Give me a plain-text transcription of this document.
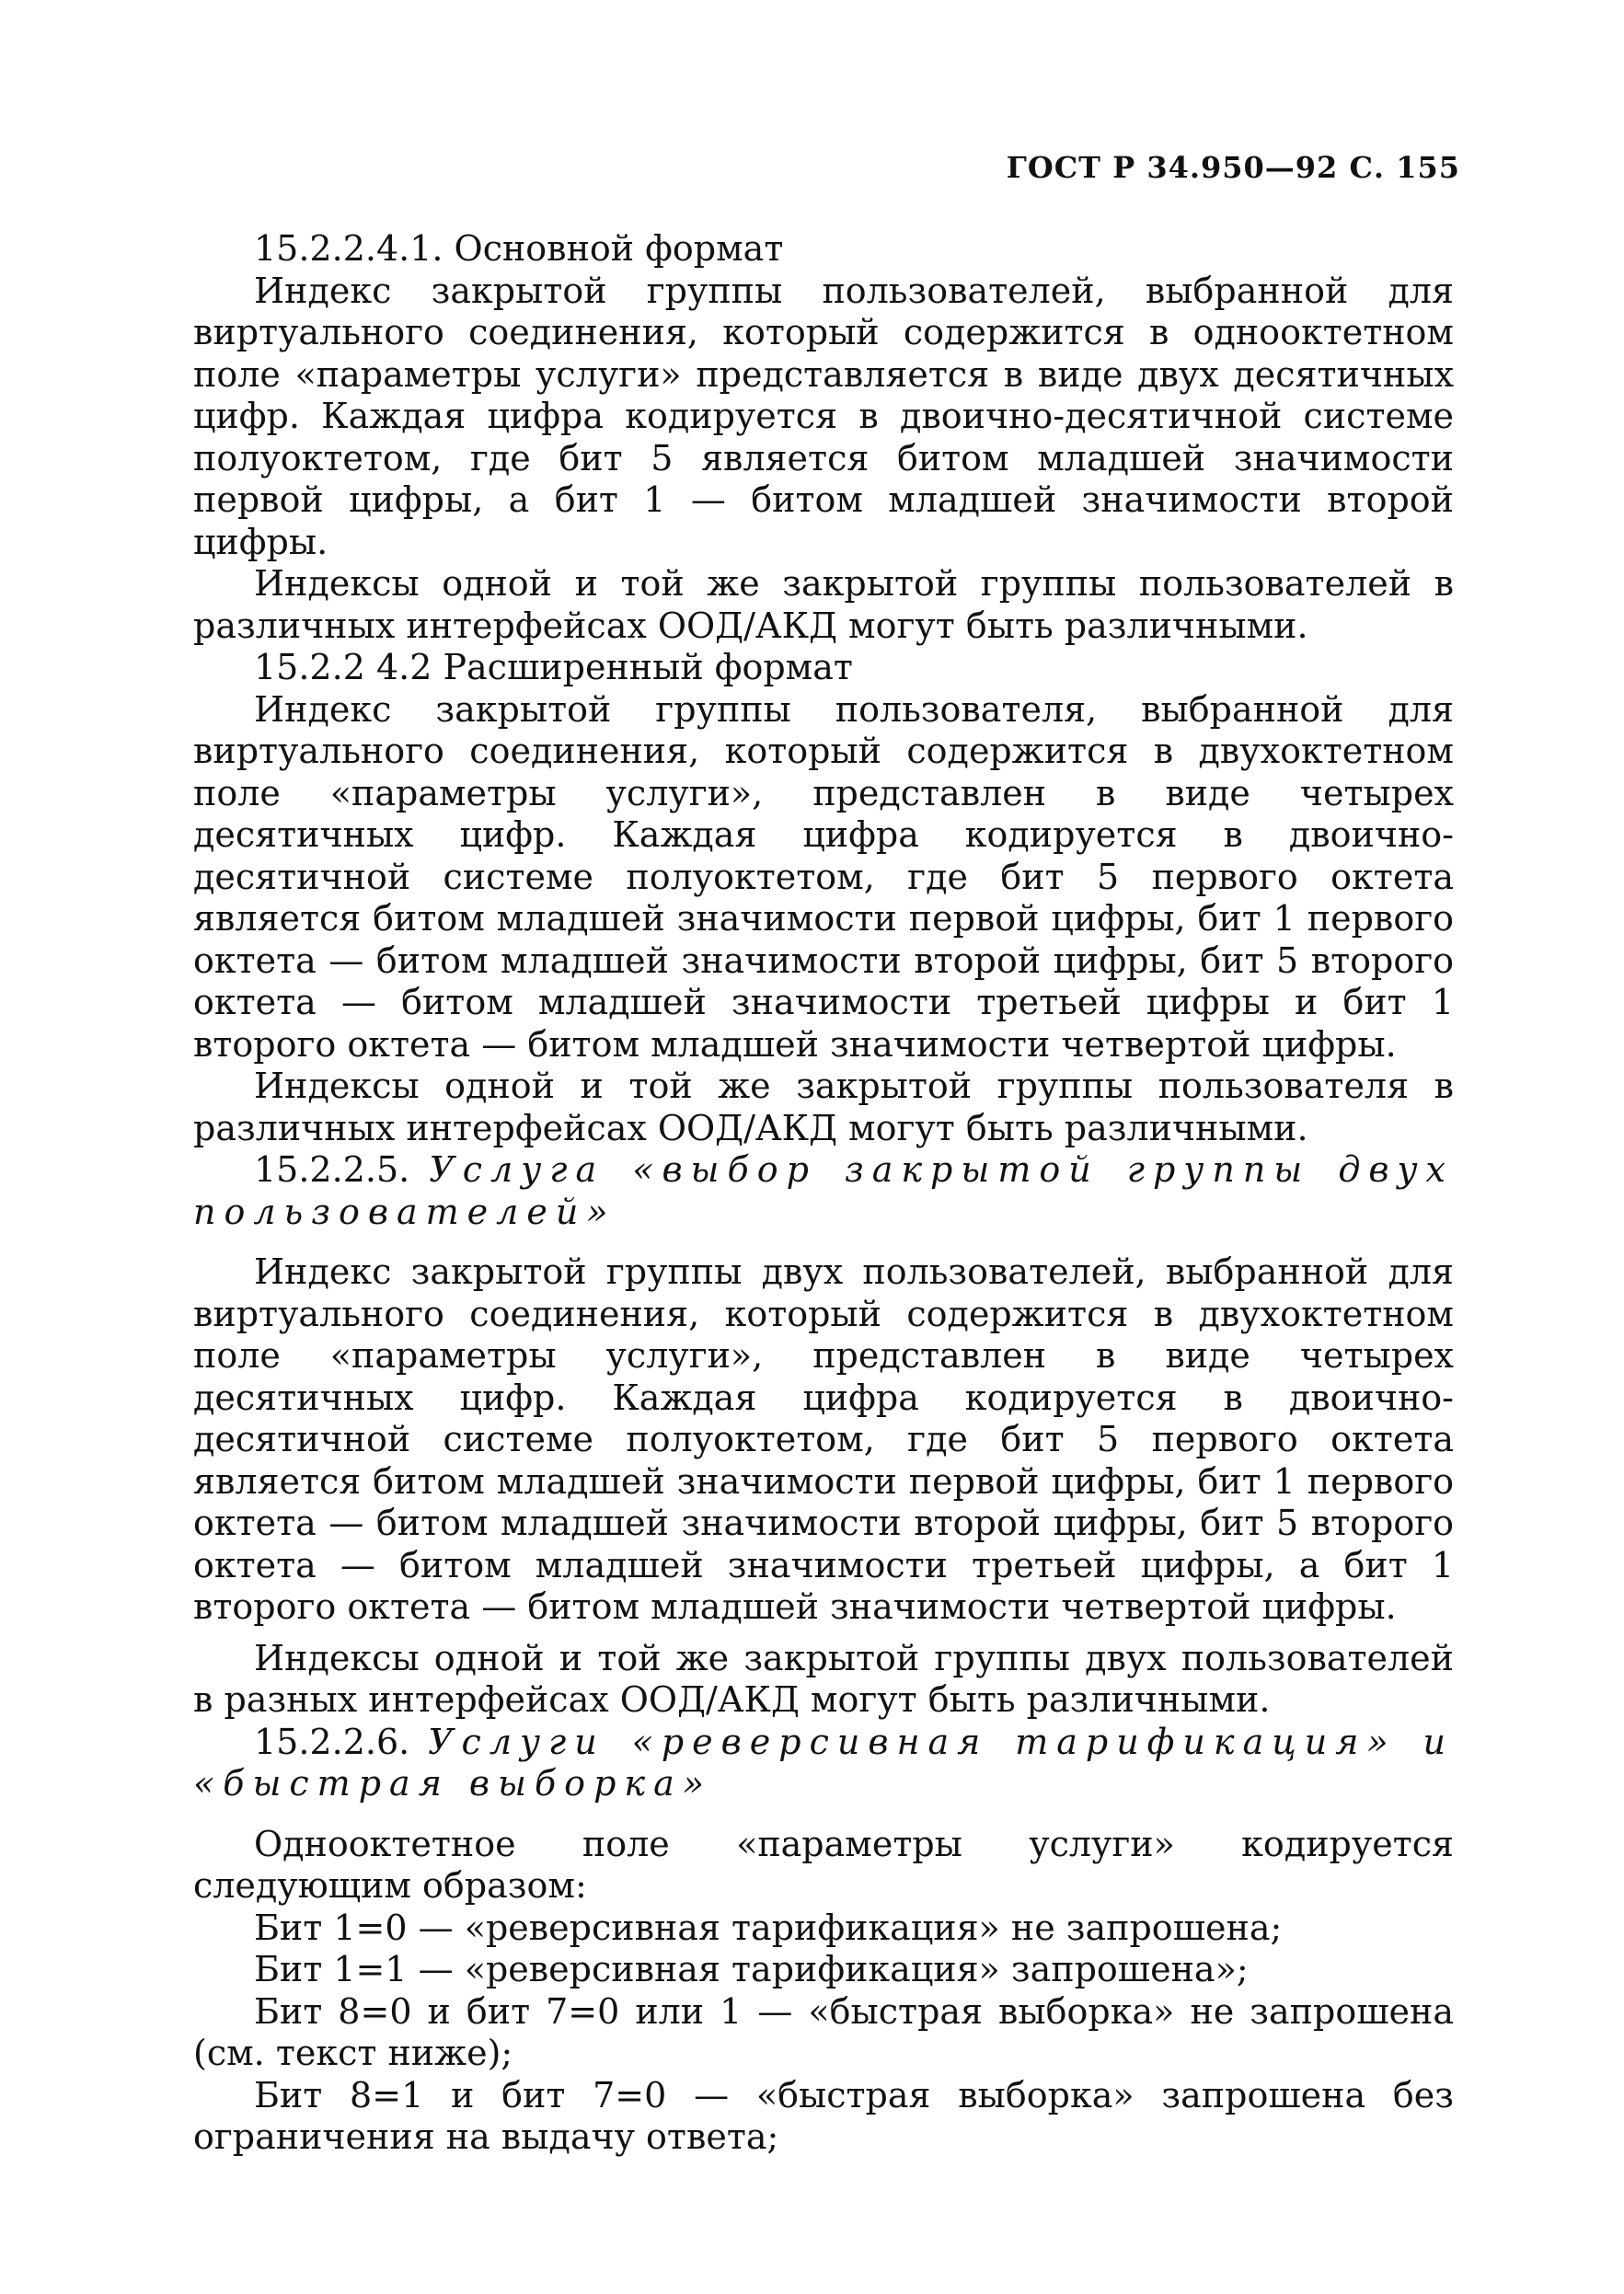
ГОСТ Р 34.950—92 С. 155

15.2.2.4.1. Основной формат

Индекс закрытой группы пользователей, выбранной для виртуального соединения, который содержится в однооктетном поле «параметры услуги» представляется в виде двух десятичных цифр. Каждая цифра кодируется в двоично-десятичной системе полуоктетом, где бит 5 является битом младшей значимости первой цифры, а бит 1 — битом младшей значимости второй цифры.

Индексы одной и той же закрытой группы пользователей в различных интерфейсах ООД/АКД могут быть различными.

15.2.2 4.2 Расширенный формат

Индекс закрытой группы пользователя, выбранной для виртуального соединения, который содержится в двухоктетном поле «параметры услуги», представлен в виде четырех десятичных цифр. Каждая цифра кодируется в двоично-десятичной системе полуоктетом, где бит 5 первого октета является битом младшей значимости первой цифры, бит 1 первого октета — битом младшей значимости второй цифры, бит 5 второго октета — битом младшей значимости третьей цифры и бит 1 второго октета — битом младшей значимости четвертой цифры.

Индексы одной и той же закрытой группы пользователя в различных интерфейсах ООД/АКД могут быть различными.

15.2.2.5. Услуга «выбор закрытой группы двух

пользователей»

Индекс закрытой группы двух пользователей, выбранной для виртуального соединения, который содержится в двухоктетном поле «параметры услуги», представлен в виде четырех десятичных цифр. Каждая цифра кодируется в двоично-десятичной системе полуоктетом, где бит 5 первого октета является битом младшей значимости первой цифры, бит 1 первого октета — битом младшей значимости второй цифры, бит 5 второго октета — битом младшей значимости третьей цифры, а бит 1 второго октета — битом младшей значимости четвертой цифры.

Индексы одной и той же закрытой группы двух пользователей в разных интерфейсах ООД/АКД могут быть различными.

15.2.2.6. Услуги «реверсивная тарификация» и

«быстрая выборка»

Однооктетное поле «параметры услуги» кодируется следующим образом:

Бит 1=0 — «реверсивная тарификация» не запрошена;

Бит 1=1 — «реверсивная тарификация» запрошена»;

Бит 8=0 и бит 7=0 или 1 — «быстрая выборка» не запрошена (см. текст ниже);

Бит 8=1 и бит 7=0 — «быстрая выборка» запрошена без ограничения на выдачу ответа;
